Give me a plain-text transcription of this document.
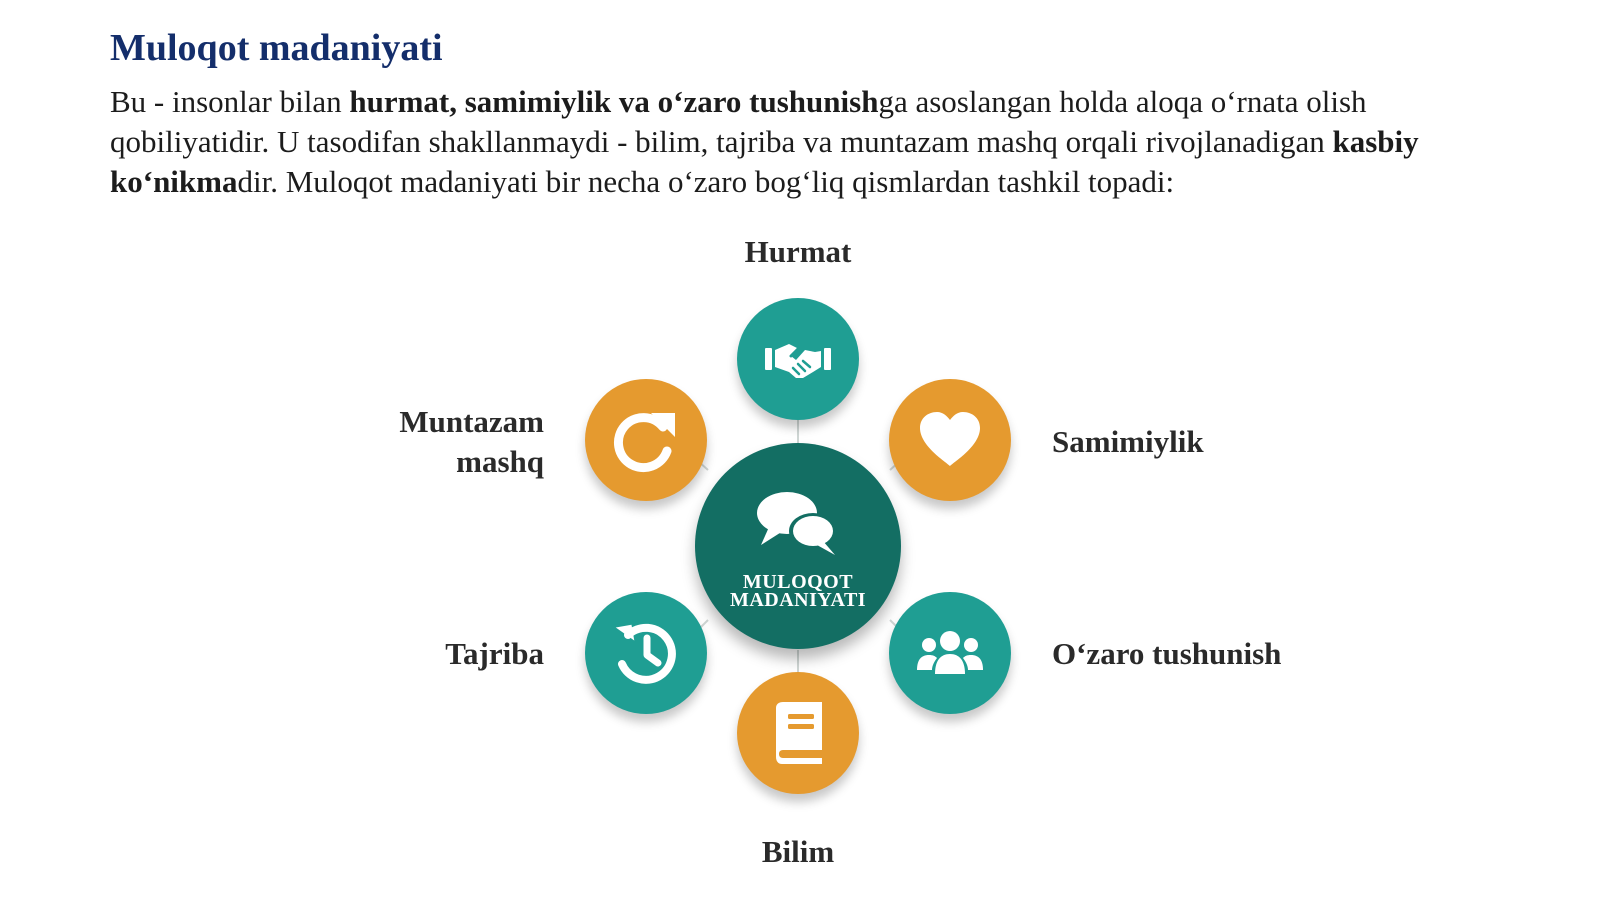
Muloqot madaniyati

Bu - insonlar bilan hurmat, samimiylik va o‘zaro tushunishga asoslangan holda aloqa o‘rnata olish qobiliyatidir. U tasodifan shakllanmaydi - bilim, tajriba va muntazam mashq orqali rivojlanadigan kasbiy ko‘nikmadir. Muloqot madaniyati bir necha o‘zaro bog‘liq qismlardan tashkil topadi:

Hurmat
Samimiylik
O‘zaro tushunish
Bilim
Tajriba
Muntazam
mashq
MULOQOT
MADANIYATI
